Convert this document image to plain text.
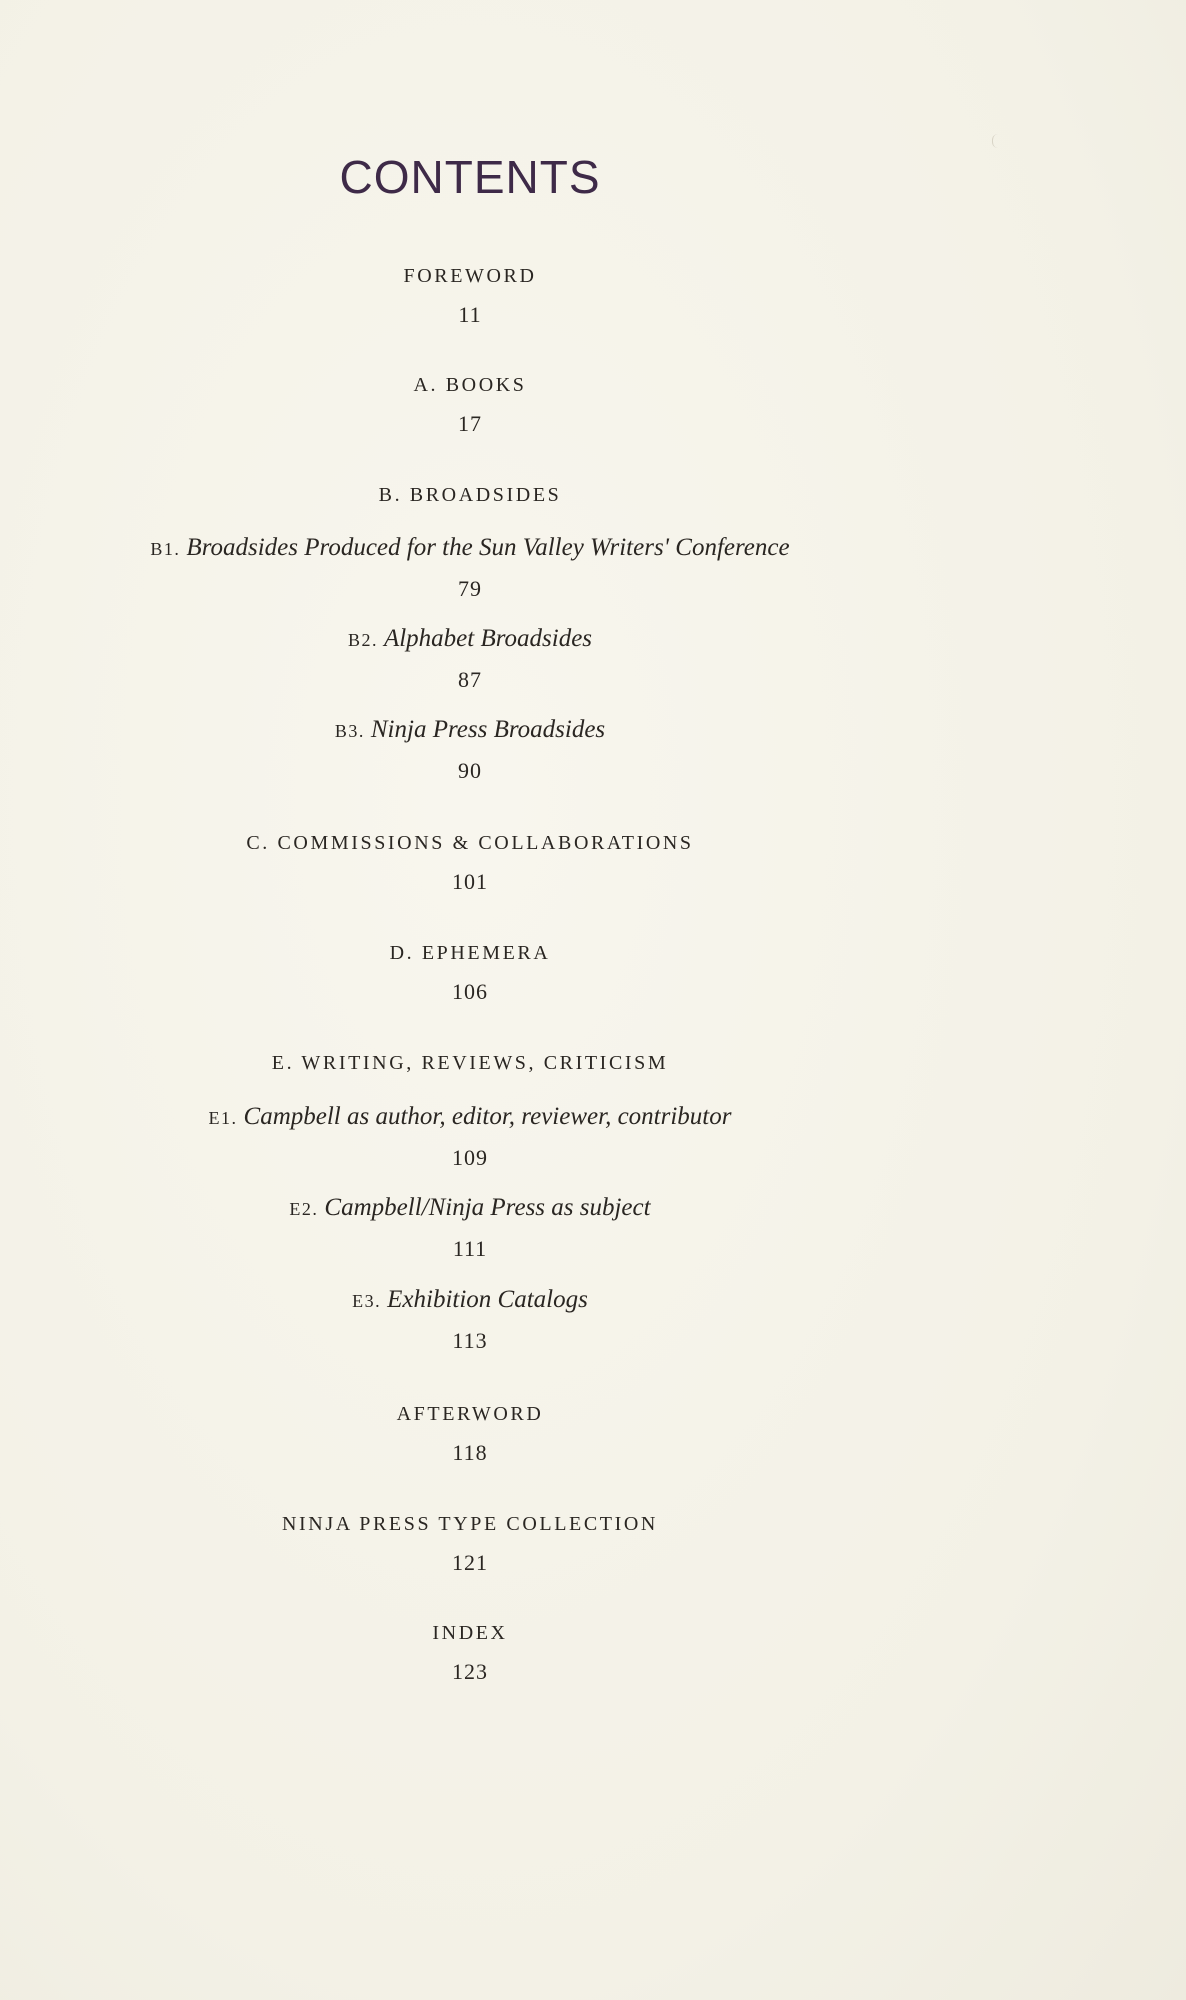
CONTENTS
FOREWORD
11
A. BOOKS
17
B. BROADSIDES
B1. Broadsides Produced for the Sun Valley Writers' Conference
79
B2. Alphabet Broadsides
87
B3. Ninja Press Broadsides
90
C. COMMISSIONS & COLLABORATIONS
101
D. EPHEMERA
106
E. WRITING, REVIEWS, CRITICISM
E1. Campbell as author, editor, reviewer, contributor
109
E2. Campbell/Ninja Press as subject
111
E3. Exhibition Catalogs
113
AFTERWORD
118
NINJA PRESS TYPE COLLECTION
121
INDEX
123
